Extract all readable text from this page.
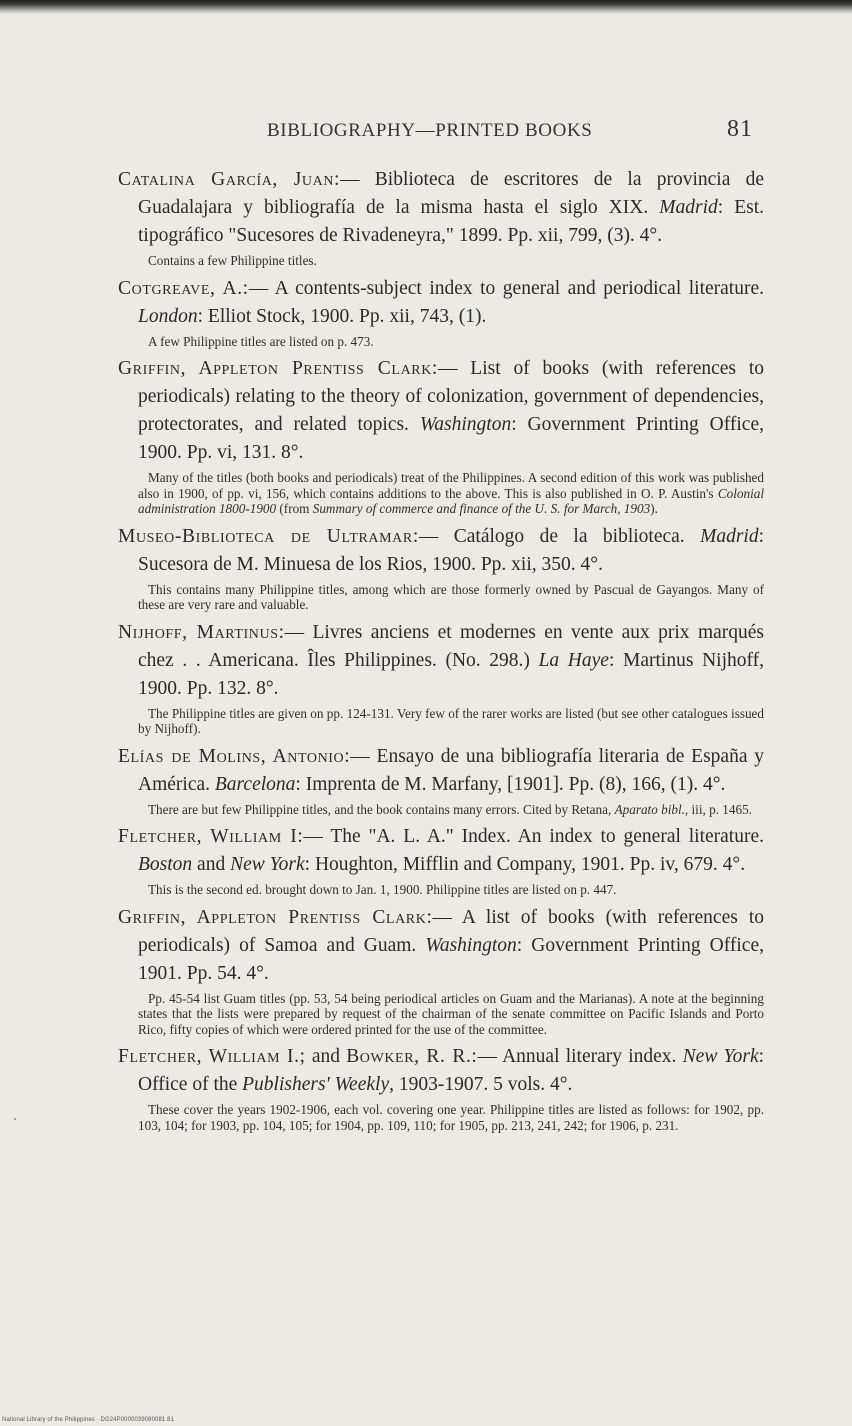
BIBLIOGRAPHY—PRINTED BOOKS	81

Catalina García, Juan:— Biblioteca de escritores de la provincia de Guadalajara y bibliografía de la misma hasta el siglo XIX. Madrid: Est. tipográfico "Sucesores de Rivadeneyra," 1899. Pp. xii, 799, (3). 4°.

Contains a few Philippine titles.

Cotgreave, A.:— A contents-subject index to general and periodical literature. London: Elliot Stock, 1900. Pp. xii, 743, (1).

A few Philippine titles are listed on p. 473.

Griffin, Appleton Prentiss Clark:— List of books (with references to periodicals) relating to the theory of colonization, government of dependencies, protectorates, and related topics. Washington: Government Printing Office, 1900. Pp. vi, 131. 8°.

Many of the titles (both books and periodicals) treat of the Philippines. A second edition of this work was published also in 1900, of pp. vi, 156, which contains additions to the above. This is also published in O. P. Austin's Colonial administration 1800-1900 (from Summary of commerce and finance of the U. S. for March, 1903).

Museo-Biblioteca de Ultramar:— Catálogo de la biblioteca. Madrid: Sucesora de M. Minuesa de los Rios, 1900. Pp. xii, 350. 4°.

This contains many Philippine titles, among which are those formerly owned by Pascual de Gayangos. Many of these are very rare and valuable.

Nijhoff, Martinus:— Livres anciens et modernes en vente aux prix marqués chez . . Americana. Îles Philippines. (No. 298.) La Haye: Martinus Nijhoff, 1900. Pp. 132. 8°.

The Philippine titles are given on pp. 124-131. Very few of the rarer works are listed (but see other catalogues issued by Nijhoff).

Elías de Molins, Antonio:— Ensayo de una bibliografía literaria de España y América. Barcelona: Imprenta de M. Marfany, [1901]. Pp. (8), 166, (1). 4°.

There are but few Philippine titles, and the book contains many errors. Cited by Retana, Aparato bibl., iii, p. 1465.

Fletcher, William I:— The "A. L. A." Index. An index to general literature. Boston and New York: Houghton, Mifflin and Company, 1901. Pp. iv, 679. 4°.

This is the second ed. brought down to Jan. 1, 1900. Philippine titles are listed on p. 447.

Griffin, Appleton Prentiss Clark:— A list of books (with references to periodicals) of Samoa and Guam. Washington: Government Printing Office, 1901. Pp. 54. 4°.

Pp. 45-54 list Guam titles (pp. 53, 54 being periodical articles on Guam and the Marianas). A note at the beginning states that the lists were prepared by request of the chairman of the senate committee on Pacific Islands and Porto Rico, fifty copies of which were ordered printed for the use of the committee.

Fletcher, William I.; and Bowker, R. R.:— Annual literary index. New York: Office of the Publishers' Weekly, 1903-1907. 5 vols. 4°.

These cover the years 1902-1906, each vol. covering one year. Philippine titles are listed as follows: for 1902, pp. 103, 104; for 1903, pp. 104, 105; for 1904, pp. 109, 110; for 1905, pp. 213, 241, 242; for 1906, p. 231.

National Library of the Philippines · DG24P0000039080081.81
